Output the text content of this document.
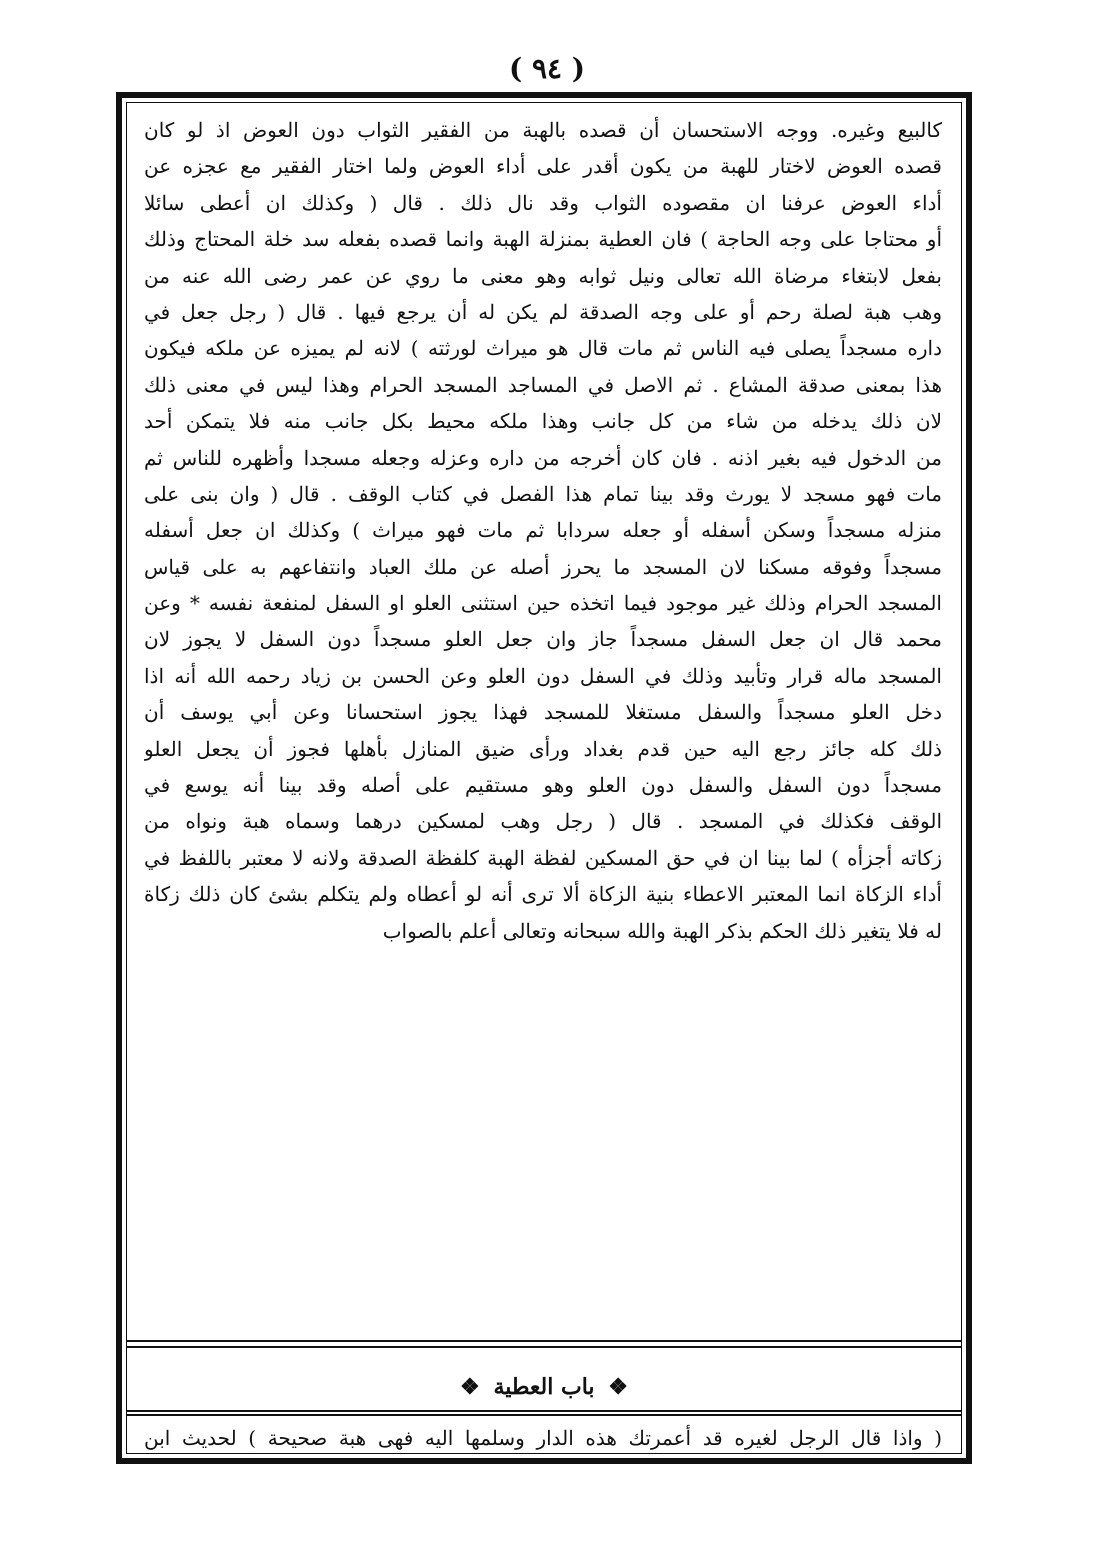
( ٩٤ )
كالبيع وغيره. ووجه الاستحسان أن قصده بالهبة من الفقير الثواب دون العوض اذ لو كان
قصده العوض لاختار للهبة من يكون أقدر على أداء العوض ولما اختار الفقير مع عجزه عن
أداء العوض عرفنا ان مقصوده الثواب وقد نال ذلك . قال ( وكذلك ان أعطى سائلا
أو محتاجا على وجه الحاجة ) فان العطية بمنزلة الهبة وانما قصده بفعله سد خلة المحتاج وذلك
بفعل لابتغاء مرضاة الله تعالى ونيل ثوابه وهو معنى ما روي عن عمر رضى الله عنه من
وهب هبة لصلة رحم أو على وجه الصدقة لم يكن له أن يرجع فيها . قال ( رجل جعل في
داره مسجداً يصلى فيه الناس ثم مات قال هو ميراث لورثته ) لانه لم يميزه عن ملكه فيكون
هذا بمعنى صدقة المشاع . ثم الاصل في المساجد المسجد الحرام وهذا ليس في معنى ذلك
لان ذلك يدخله من شاء من كل جانب وهذا ملكه محيط بكل جانب منه فلا يتمكن أحد
من الدخول فيه بغير اذنه . فان كان أخرجه من داره وعزله وجعله مسجدا وأظهره للناس ثم
مات فهو مسجد لا يورث وقد بينا تمام هذا الفصل في كتاب الوقف . قال ( وان بنى على
منزله مسجداً وسكن أسفله أو جعله سردابا ثم مات فهو ميراث ) وكذلك ان جعل أسفله
مسجداً وفوقه مسكنا لان المسجد ما يحرز أصله عن ملك العباد وانتفاعهم به على قياس
المسجد الحرام وذلك غير موجود فيما اتخذه حين استثنى العلو او السفل لمنفعة نفسه * وعن
محمد قال ان جعل السفل مسجداً جاز وان جعل العلو مسجداً دون السفل لا يجوز لان
المسجد ماله قرار وتأبيد وذلك في السفل دون العلو وعن الحسن بن زياد رحمه الله أنه اذا
دخل العلو مسجداً والسفل مستغلا للمسجد فهذا يجوز استحسانا وعن أبي يوسف أن
ذلك كله جائز رجع اليه حين قدم بغداد ورأى ضيق المنازل بأهلها فجوز أن يجعل العلو
مسجداً دون السفل والسفل دون العلو وهو مستقيم على أصله وقد بينا أنه يوسع في
الوقف فكذلك في المسجد . قال ( رجل وهب لمسكين درهما وسماه هبة ونواه من
زكاته أجزأه ) لما بينا ان في حق المسكين لفظة الهبة كلفظة الصدقة ولانه لا معتبر باللفظ في
أداء الزكاة انما المعتبر الاعطاء بنية الزكاة ألا ترى أنه لو أعطاه ولم يتكلم بشئ كان ذلك زكاة
له فلا يتغير ذلك الحكم بذكر الهبة والله سبحانه وتعالى أعلم بالصواب
❖ باب العطية ❖
( واذا قال الرجل لغيره قد أعمرتك هذه الدار وسلمها اليه فهى هبة صحيحة ) لحديث ابن
